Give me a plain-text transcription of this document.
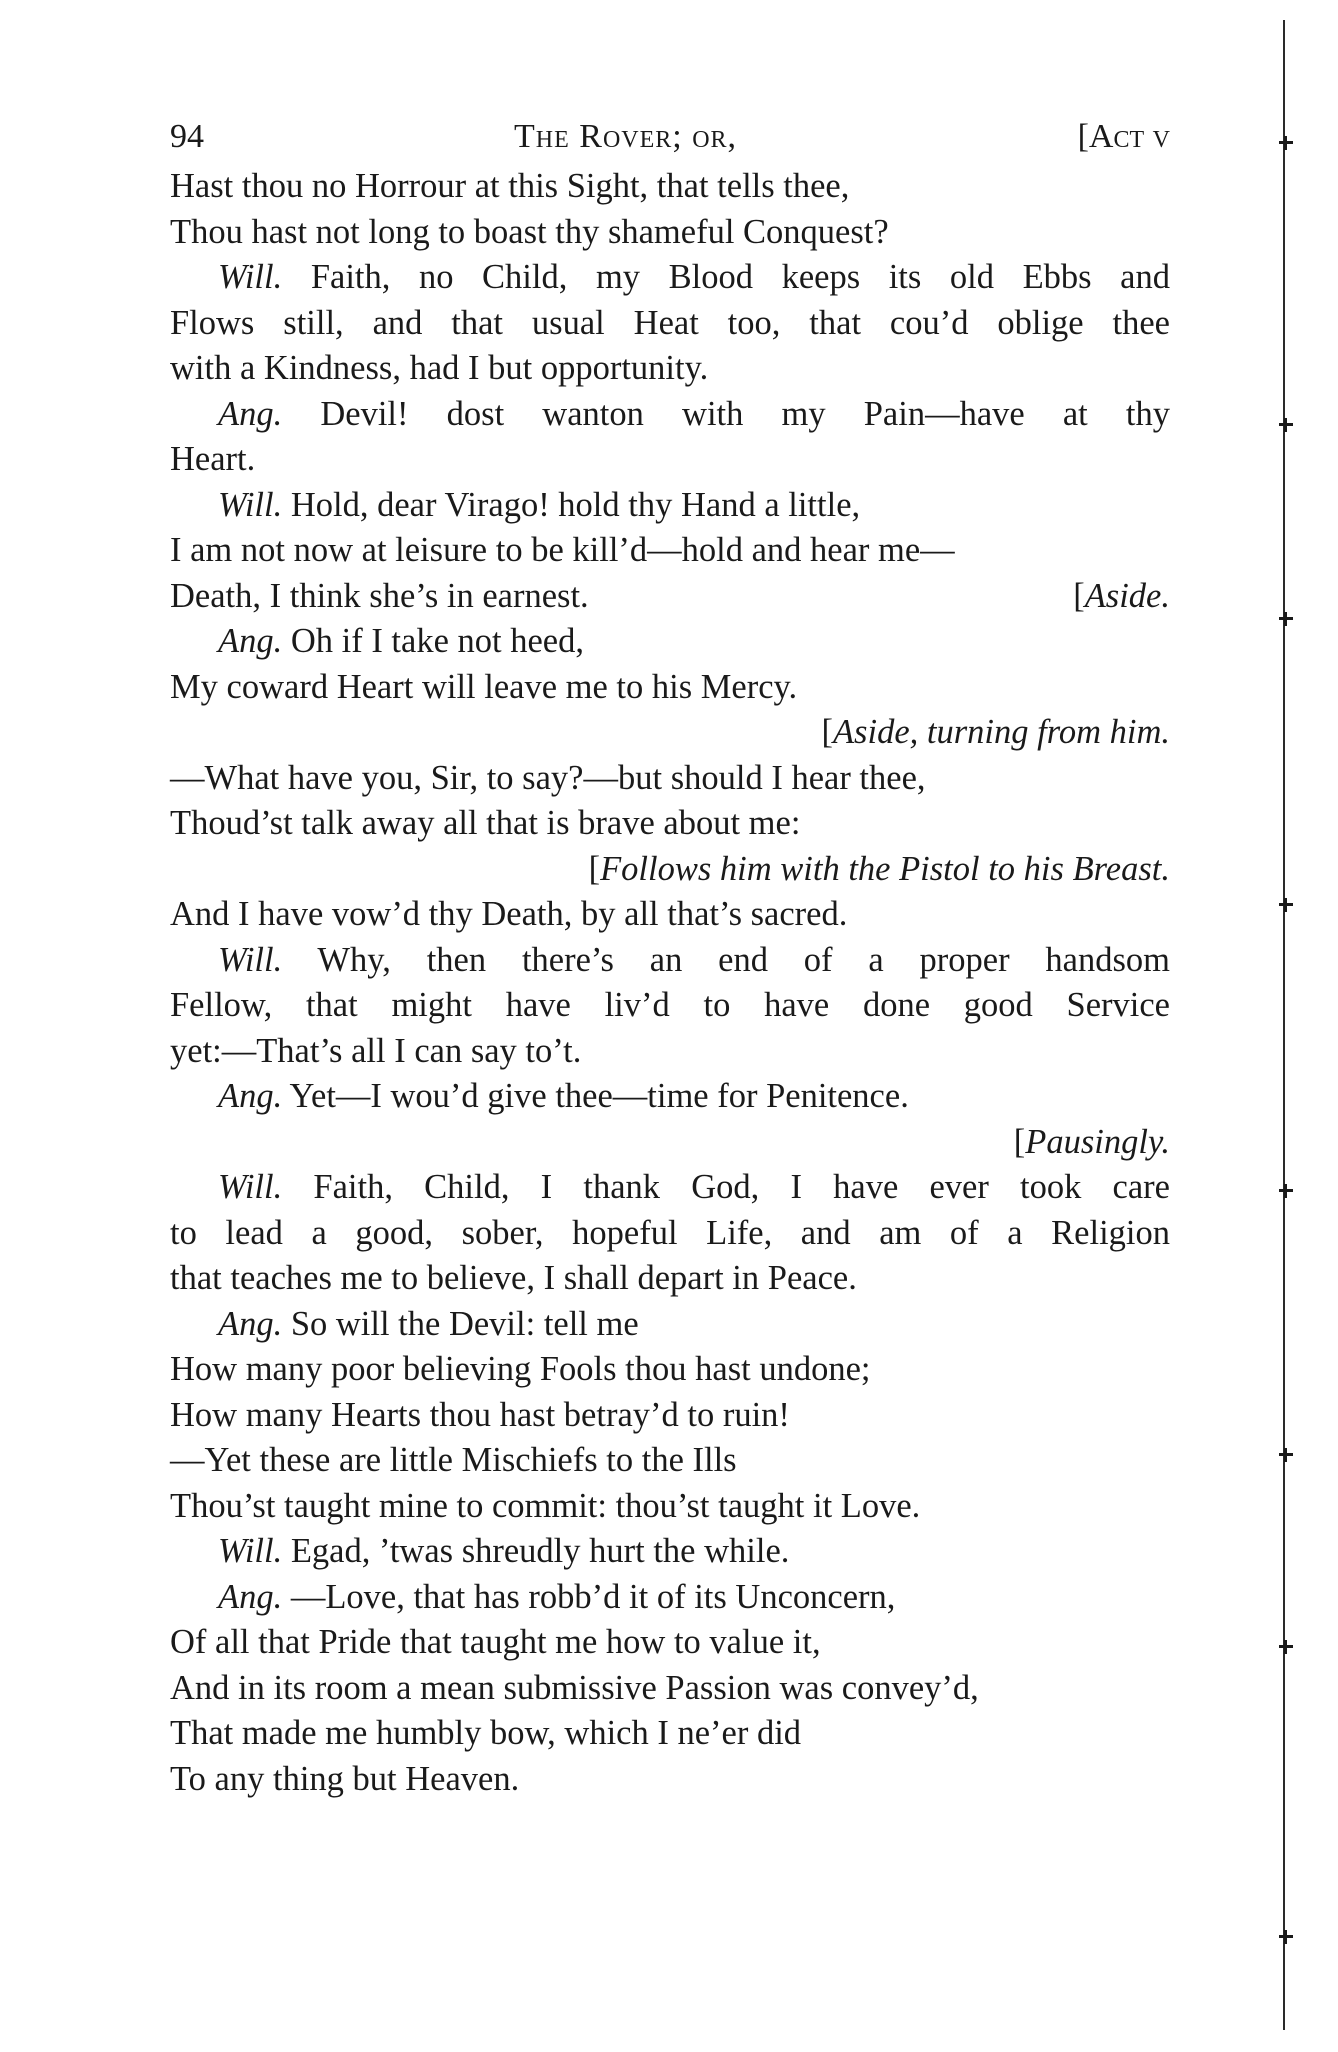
94	The Rover; or,	[Act v
Hast thou no Horrour at this Sight, that tells thee,
Thou hast not long to boast thy shameful Conquest?
Will. Faith, no Child, my Blood keeps its old Ebbs and
Flows still, and that usual Heat too, that cou’d oblige thee
with a Kindness, had I but opportunity.
Ang. Devil! dost wanton with my Pain—have at thy
Heart.
Will. Hold, dear Virago! hold thy Hand a little,
I am not now at leisure to be kill’d—hold and hear me—
Death, I think she’s in earnest.	[Aside.
Ang. Oh if I take not heed,
My coward Heart will leave me to his Mercy.
[Aside, turning from him.
—What have you, Sir, to say?—but should I hear thee,
Thoud’st talk away all that is brave about me:
[Follows him with the Pistol to his Breast.
And I have vow’d thy Death, by all that’s sacred.
Will. Why, then there’s an end of a proper handsom
Fellow, that might have liv’d to have done good Service
yet:—That’s all I can say to’t.
Ang. Yet—I wou’d give thee—time for Penitence.
[Pausingly.
Will. Faith, Child, I thank God, I have ever took care
to lead a good, sober, hopeful Life, and am of a Religion
that teaches me to believe, I shall depart in Peace.
Ang. So will the Devil: tell me
How many poor believing Fools thou hast undone;
How many Hearts thou hast betray’d to ruin!
—Yet these are little Mischiefs to the Ills
Thou’st taught mine to commit: thou’st taught it Love.
Will. Egad, ’twas shreudly hurt the while.
Ang. —Love, that has robb’d it of its Unconcern,
Of all that Pride that taught me how to value it,
And in its room a mean submissive Passion was convey’d,
That made me humbly bow, which I ne’er did
To any thing but Heaven.
